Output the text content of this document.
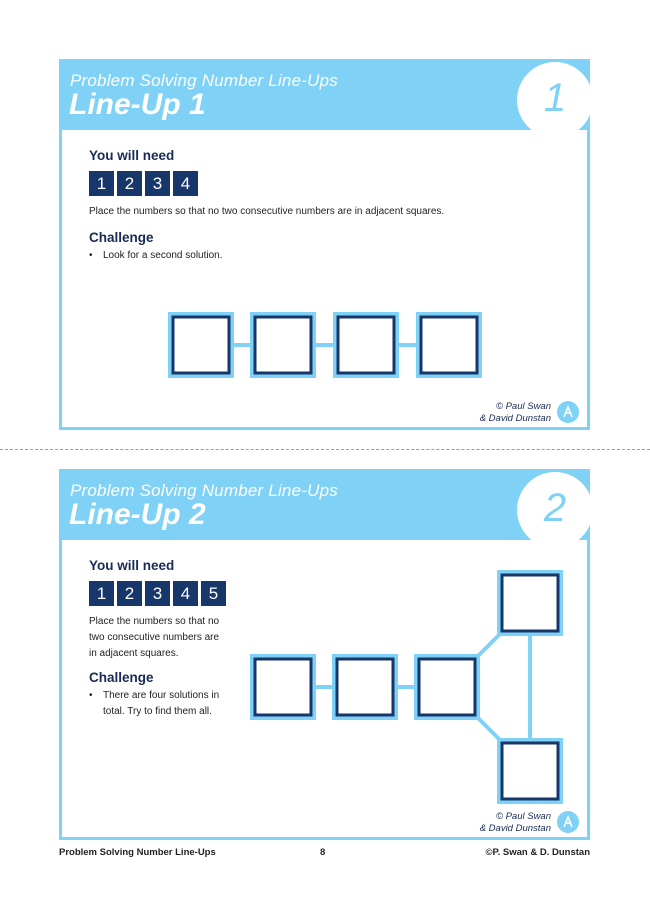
Problem Solving Number Line-Ups
Line-Up 1	1
You will need
1	2	3	4
Place the numbers so that no two consecutive numbers are in adjacent squares.
Challenge
• Look for a second solution.
© Paul Swan
& David Dunstan
Problem Solving Number Line-Ups
Line-Up 2	2
You will need
1	2	3	4	5
Place the numbers so that no
two consecutive numbers are
in adjacent squares.
Challenge
• There are four solutions in
total. Try to find them all.
© Paul Swan
& David Dunstan
Problem Solving Number Line-Ups	8	©P. Swan & D. Dunstan
